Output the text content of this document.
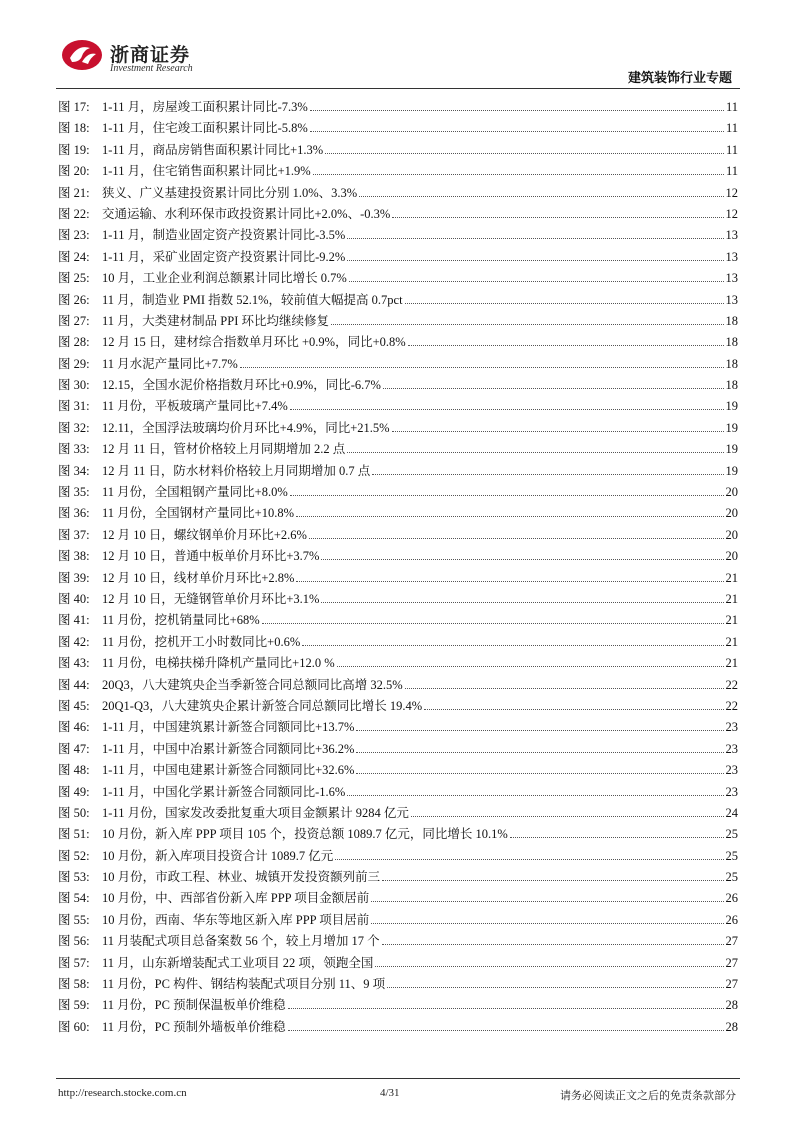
浙商证券
Investment Research
建筑装饰行业专题
图 17: 1-11 月，房屋竣工面积累计同比-7.3%	11
图 18: 1-11 月，住宅竣工面积累计同比-5.8%	11
图 19: 1-11 月，商品房销售面积累计同比+1.3%	11
图 20: 1-11 月，住宅销售面积累计同比+1.9%	11
图 21: 狭义、广义基建投资累计同比分别 1.0%、3.3%	12
图 22: 交通运输、水利环保市政投资累计同比+2.0%、-0.3%	12
图 23: 1-11 月，制造业固定资产投资累计同比-3.5%	13
图 24: 1-11 月，采矿业固定资产投资累计同比-9.2%	13
图 25: 10 月，工业企业利润总额累计同比增长 0.7%	13
图 26: 11 月，制造业 PMI 指数 52.1%，较前值大幅提高 0.7pct	13
图 27: 11 月，大类建材制品 PPI 环比均继续修复	18
图 28: 12 月 15 日，建材综合指数单月环比 +0.9%，同比+0.8%	18
图 29: 11 月水泥产量同比+7.7%	18
图 30: 12.15，全国水泥价格指数月环比+0.9%，同比-6.7%	18
图 31: 11 月份，平板玻璃产量同比+7.4%	19
图 32: 12.11，全国浮法玻璃均价月环比+4.9%，同比+21.5%	19
图 33: 12 月 11 日，管材价格较上月同期增加 2.2 点	19
图 34: 12 月 11 日，防水材料价格较上月同期增加 0.7 点	19
图 35: 11 月份，全国粗钢产量同比+8.0%	20
图 36: 11 月份，全国钢材产量同比+10.8%	20
图 37: 12 月 10 日，螺纹钢单价月环比+2.6%	20
图 38: 12 月 10 日，普通中板单价月环比+3.7%	20
图 39: 12 月 10 日，线材单价月环比+2.8%	21
图 40: 12 月 10 日，无缝钢管单价月环比+3.1%	21
图 41: 11 月份，挖机销量同比+68%	21
图 42: 11 月份，挖机开工小时数同比+0.6%	21
图 43: 11 月份，电梯扶梯升降机产量同比+12.0 %	21
图 44: 20Q3，八大建筑央企当季新签合同总额同比高增 32.5%	22
图 45: 20Q1-Q3，八大建筑央企累计新签合同总额同比增长 19.4%	22
图 46: 1-11 月，中国建筑累计新签合同额同比+13.7%	23
图 47: 1-11 月，中国中冶累计新签合同额同比+36.2%	23
图 48: 1-11 月，中国电建累计新签合同额同比+32.6%	23
图 49: 1-11 月，中国化学累计新签合同额同比-1.6%	23
图 50: 1-11 月份，国家发改委批复重大项目金额累计 9284 亿元	24
图 51: 10 月份，新入库 PPP 项目 105 个，投资总额 1089.7 亿元，同比增长 10.1%	25
图 52: 10 月份，新入库项目投资合计 1089.7 亿元	25
图 53: 10 月份，市政工程、林业、城镇开发投资额列前三	25
图 54: 10 月份，中、西部省份新入库 PPP 项目金额居前	26
图 55: 10 月份，西南、华东等地区新入库 PPP 项目居前	26
图 56: 11 月装配式项目总备案数 56 个，较上月增加 17 个	27
图 57: 11 月，山东新增装配式工业项目 22 项，领跑全国	27
图 58: 11 月份，PC 构件、钢结构装配式项目分别 11、9 项	27
图 59: 11 月份，PC 预制保温板单价维稳	28
图 60: 11 月份，PC 预制外墙板单价维稳	28
http://research.stocke.com.cn	4/31	请务必阅读正文之后的免责条款部分
